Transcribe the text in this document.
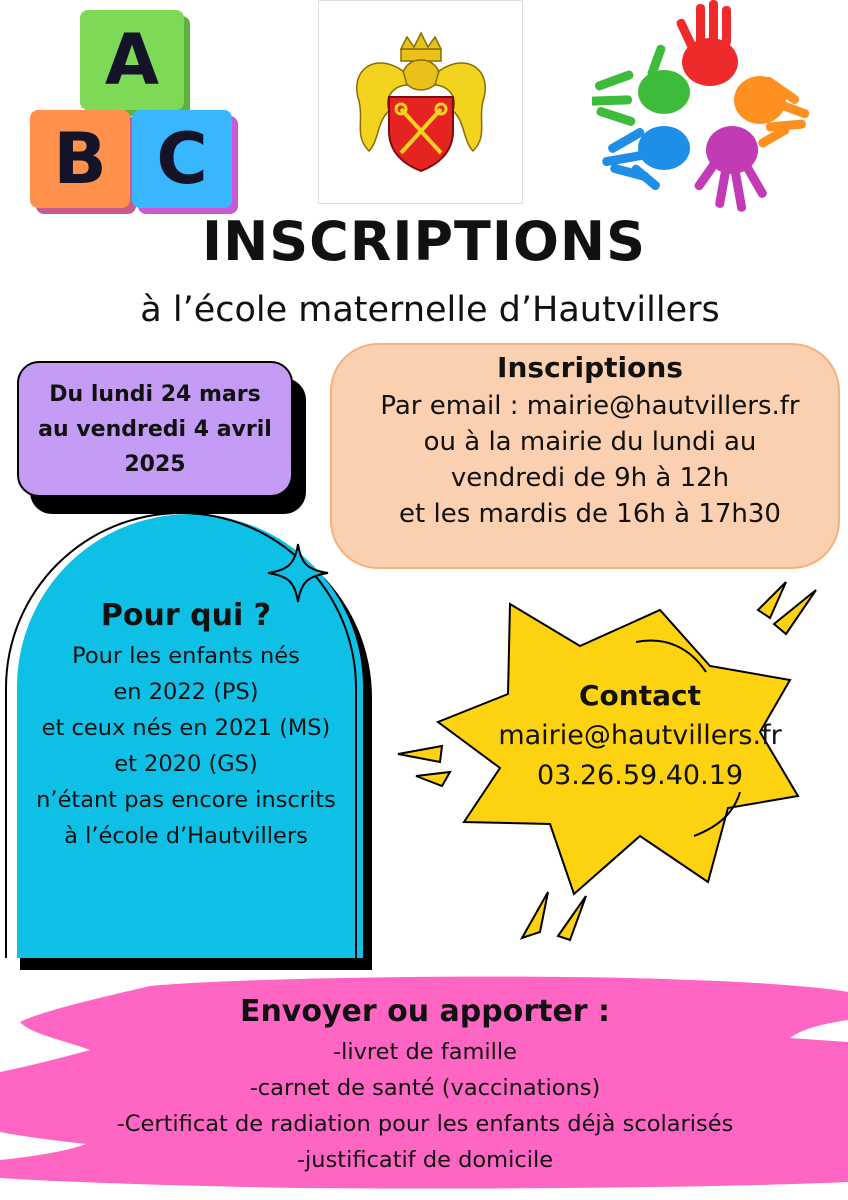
A
B C
INSCRIPTIONS
à l’école maternelle d’Hautvillers
Du lundi 24 mars
au vendredi 4 avril
2025
Inscriptions
Par email : mairie@hautvillers.fr
ou à la mairie du lundi au
vendredi de 9h à 12h
et les mardis de 16h à 17h30
Pour qui ?
Pour les enfants nés
en 2022 (PS)
et ceux nés en 2021 (MS)
et 2020 (GS)
n’étant pas encore inscrits
à l’école d’Hautvillers
Contact
mairie@hautvillers.fr
03.26.59.40.19
Envoyer ou apporter :
-livret de famille
-carnet de santé (vaccinations)
-Certificat de radiation pour les enfants déjà scolarisés
-justificatif de domicile
